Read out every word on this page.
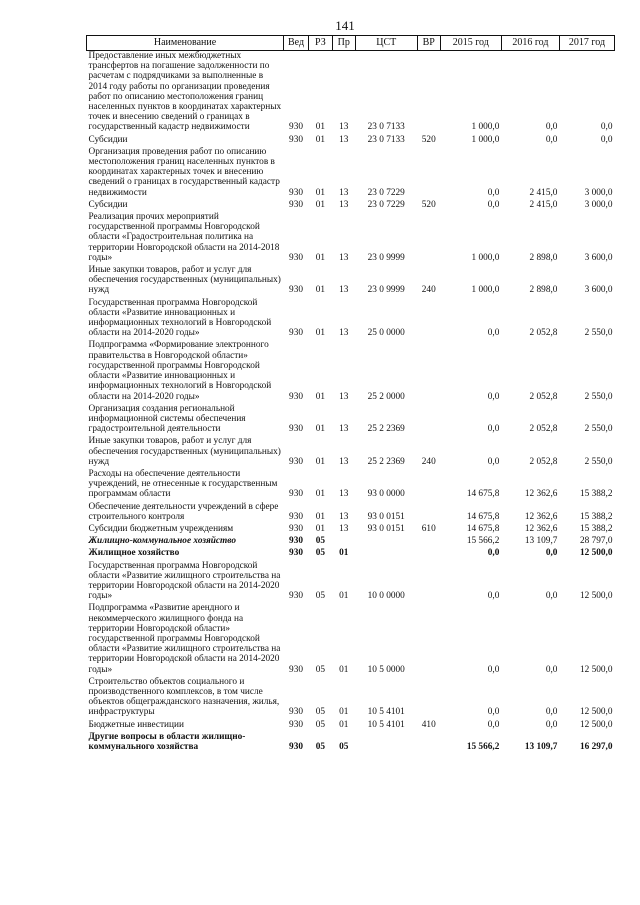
141
Наименование	Вед	РЗ	Пр	ЦСТ	ВР	2015 год	2016 год	2017 год
Предоставление иных межбюджетных трансфертов на погашение задолженности по расчетам с подрядчиками за выполненные в 2014 году работы по организации проведения работ по описанию местоположения границ населенных пунктов в координатах характерных точек и внесению сведений о границах в государственный кадастр недвижимости	930	01	13	23 0 7133		1 000,0	0,0	0,0
Субсидии	930	01	13	23 0 7133	520	1 000,0	0,0	0,0
Организация проведения работ по описанию местоположения границ населенных пунктов в координатах характерных точек и внесению сведений о границах в государственный кадастр недвижимости	930	01	13	23 0 7229		0,0	2 415,0	3 000,0
Субсидии	930	01	13	23 0 7229	520	0,0	2 415,0	3 000,0
Реализация прочих мероприятий государственной программы Новгородской области «Градостроительная политика на территории Новгородской области на 2014-2018 годы»	930	01	13	23 0 9999		1 000,0	2 898,0	3 600,0
Иные закупки товаров, работ и услуг для обеспечения государственных (муниципальных) нужд	930	01	13	23 0 9999	240	1 000,0	2 898,0	3 600,0
Государственная программа Новгородской области «Развитие инновационных и информационных технологий в Новгородской области на 2014-2020 годы»	930	01	13	25 0 0000		0,0	2 052,8	2 550,0
Подпрограмма «Формирование электронного правительства в Новгородской области» государственной программы Новгородской области «Развитие инновационных и информационных технологий в Новгородской области на 2014-2020 годы»	930	01	13	25 2 0000		0,0	2 052,8	2 550,0
Организация создания региональной информационной системы обеспечения градостроительной деятельности	930	01	13	25 2 2369		0,0	2 052,8	2 550,0
Иные закупки товаров, работ и услуг для обеспечения государственных (муниципальных) нужд	930	01	13	25 2 2369	240	0,0	2 052,8	2 550,0
Расходы на обеспечение деятельности учреждений, не отнесенные к государственным программам области	930	01	13	93 0 0000		14 675,8	12 362,6	15 388,2
Обеспечение деятельности учреждений в сфере строительного контроля	930	01	13	93 0 0151		14 675,8	12 362,6	15 388,2
Субсидии бюджетным учреждениям	930	01	13	93 0 0151	610	14 675,8	12 362,6	15 388,2
Жилищно-коммунальное хозяйство	930	05				15 566,2	13 109,7	28 797,0
Жилищное хозяйство	930	05	01			0,0	0,0	12 500,0
Государственная программа Новгородской области «Развитие жилищного строительства на территории Новгородской области на 2014-2020 годы»	930	05	01	10 0 0000		0,0	0,0	12 500,0
Подпрограмма «Развитие арендного и некоммерческого жилищного фонда на территории Новгородской области» государственной программы Новгородской области «Развитие жилищного строительства на территории Новгородской области на 2014-2020 годы»	930	05	01	10 5 0000		0,0	0,0	12 500,0
Строительство объектов социального и производственного комплексов, в том числе объектов общегражданского назначения, жилья, инфраструктуры	930	05	01	10 5 4101		0,0	0,0	12 500,0
Бюджетные инвестиции	930	05	01	10 5 4101	410	0,0	0,0	12 500,0
Другие вопросы в области жилищно-коммунального хозяйства	930	05	05			15 566,2	13 109,7	16 297,0
